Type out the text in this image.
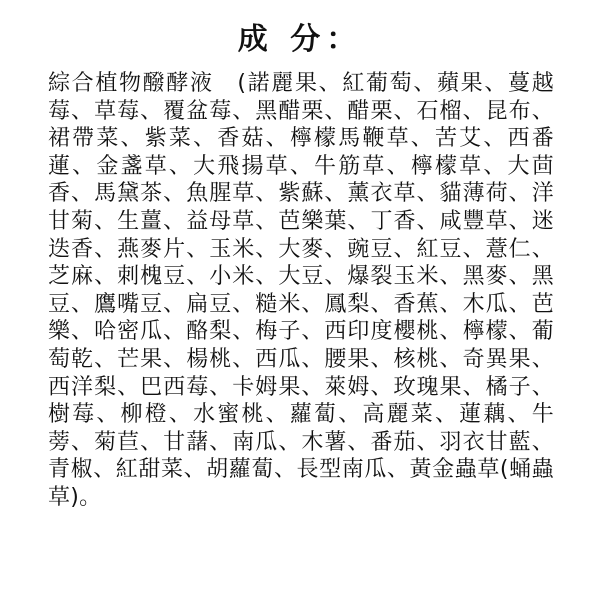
成 分：
綜合植物醱酵液　(諾麗果、紅葡萄、蘋果、蔓越莓、草莓、覆盆莓、黑醋栗、醋栗、石榴、昆布、裙帶菜、紫菜、香菇、檸檬馬鞭草、苦艾、西番蓮、金盞草、大飛揚草、牛筋草、檸檬草、大茴香、馬黛茶、魚腥草、紫蘇、薰衣草、貓薄荷、洋甘菊、生薑、益母草、芭樂葉、丁香、咸豐草、迷迭香、燕麥片、玉米、大麥、豌豆、紅豆、薏仁、芝麻、刺槐豆、小米、大豆、爆裂玉米、黑麥、黑豆、鷹嘴豆、扁豆、糙米、鳳梨、香蕉、木瓜、芭樂、哈密瓜、酪梨、梅子、西印度櫻桃、檸檬、葡萄乾、芒果、楊桃、西瓜、腰果、核桃、奇異果、西洋梨、巴西莓、卡姆果、萊姆、玫瑰果、橘子、樹莓、柳橙、水蜜桃、蘿蔔、高麗菜、蓮藕、牛蒡、菊苣、甘藷、南瓜、木薯、番茄、羽衣甘藍、青椒、紅甜菜、胡蘿蔔、長型南瓜、黃金蟲草(蛹蟲草)。
